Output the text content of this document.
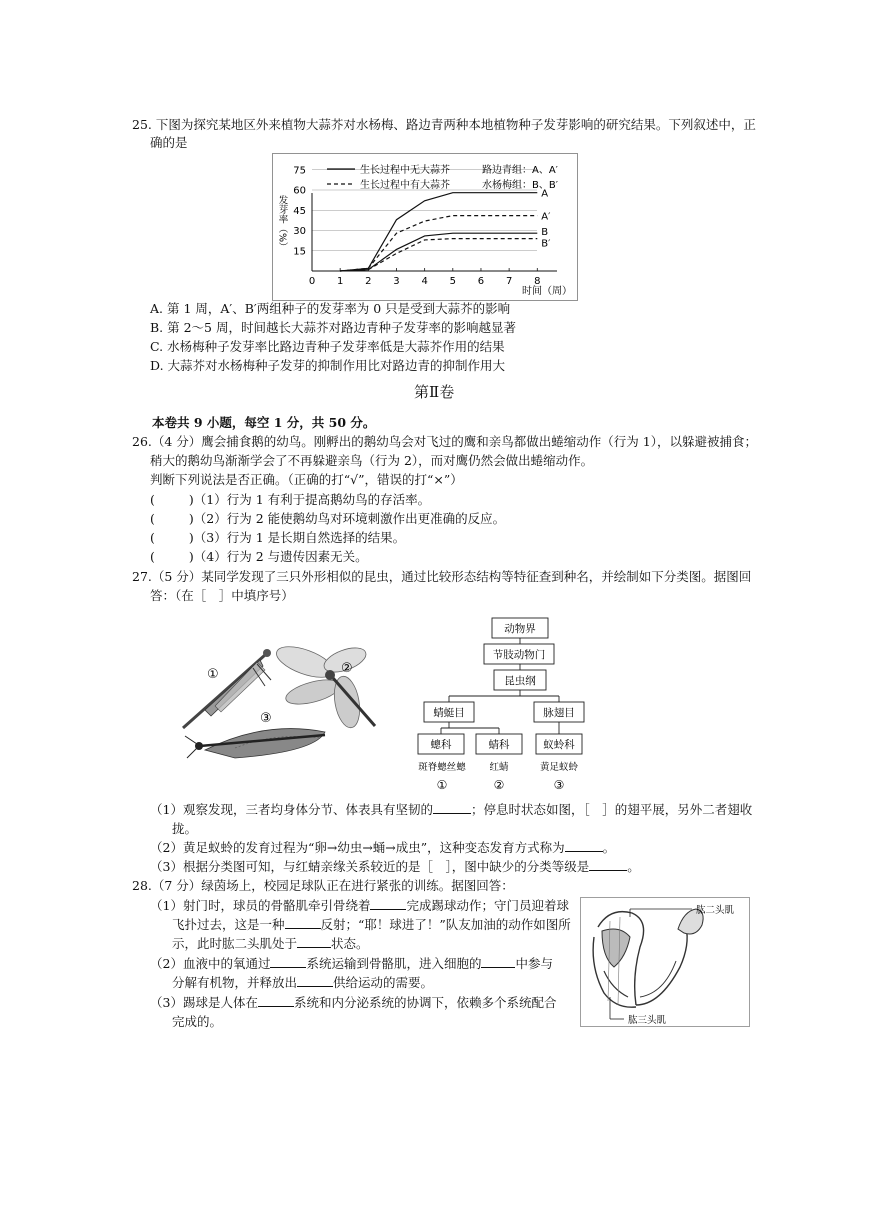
25. 下图为探究某地区外来植物大蒜芥对水杨梅、路边青两种本地植物种子发芽影响的研究结果。下列叙述中，正
确的是
A
A′
B
B′
15
30
45
60
75
0 1 2 3 4 5 6 7 8
生长过程中无大蒜芥
生长过程中有大蒜芥
路边青组：A、A′
水杨梅组：B、B′
发芽率（%）
时间（周）
A. 第 1 周，A′、B′两组种子的发芽率为 0 只是受到大蒜芥的影响
B. 第 2～5 周，时间越长大蒜芥对路边青种子发芽率的影响越显著
C. 水杨梅种子发芽率比路边青种子发芽率低是大蒜芥作用的结果
D. 大蒜芥对水杨梅种子发芽的抑制作用比对路边青的抑制作用大
第Ⅱ卷
本卷共 9 小题，每空 1 分，共 50 分。
26.（4 分）鹰会捕食鹅的幼鸟。刚孵出的鹅幼鸟会对飞过的鹰和亲鸟都做出蜷缩动作（行为 1），以躲避被捕食；
稍大的鹅幼鸟渐渐学会了不再躲避亲鸟（行为 2），而对鹰仍然会做出蜷缩动作。
判断下列说法是否正确。（正确的打“√”，错误的打“×”）
(	)（1）行为 1 有利于提高鹅幼鸟的存活率。
(	)（2）行为 2 能使鹅幼鸟对环境刺激作出更准确的反应。
(	)（3）行为 1 是长期自然选择的结果。
(	)（4）行为 2 与遗传因素无关。
27.（5 分）某同学发现了三只外形相似的昆虫，通过比较形态结构等特征查到种名，并绘制如下分类图。据图回
答：（在［　］中填序号）
①	②
③
动物界
节肢动物门
昆虫纲
蜻蜓目	脉翅目
蟌科	蜻科	蚁蛉科
斑脊蟌丝蟌 红蜻	黄足蚁蛉
①	②	③
（1）观察发现，三者均身体分节、体表具有坚韧的	；停息时状态如图，［　］的翅平展，另外二者翅收
拢。
（2）黄足蚁蛉的发育过程为“卵→幼虫→蛹→成虫”，这种变态发育方式称为	。
（3）根据分类图可知，与红蜻亲缘关系较近的是［　］，图中缺少的分类等级是	。
28.（7 分）绿茵场上，校园足球队正在进行紧张的训练。据图回答：
（1）射门时，球员的骨骼肌牵引骨绕着	完成踢球动作；守门员迎着球
飞扑过去，这是一种	反射；“耶！球进了！”队友加油的动作如图所
示，此时肱二头肌处于	状态。
（2）血液中的氧通过	系统运输到骨骼肌，进入细胞的	中参与
分解有机物，并释放出	供给运动的需要。
（3）踢球是人体在	系统和内分泌系统的协调下，依赖多个系统配合
完成的。
肱二头肌
肱三头肌
